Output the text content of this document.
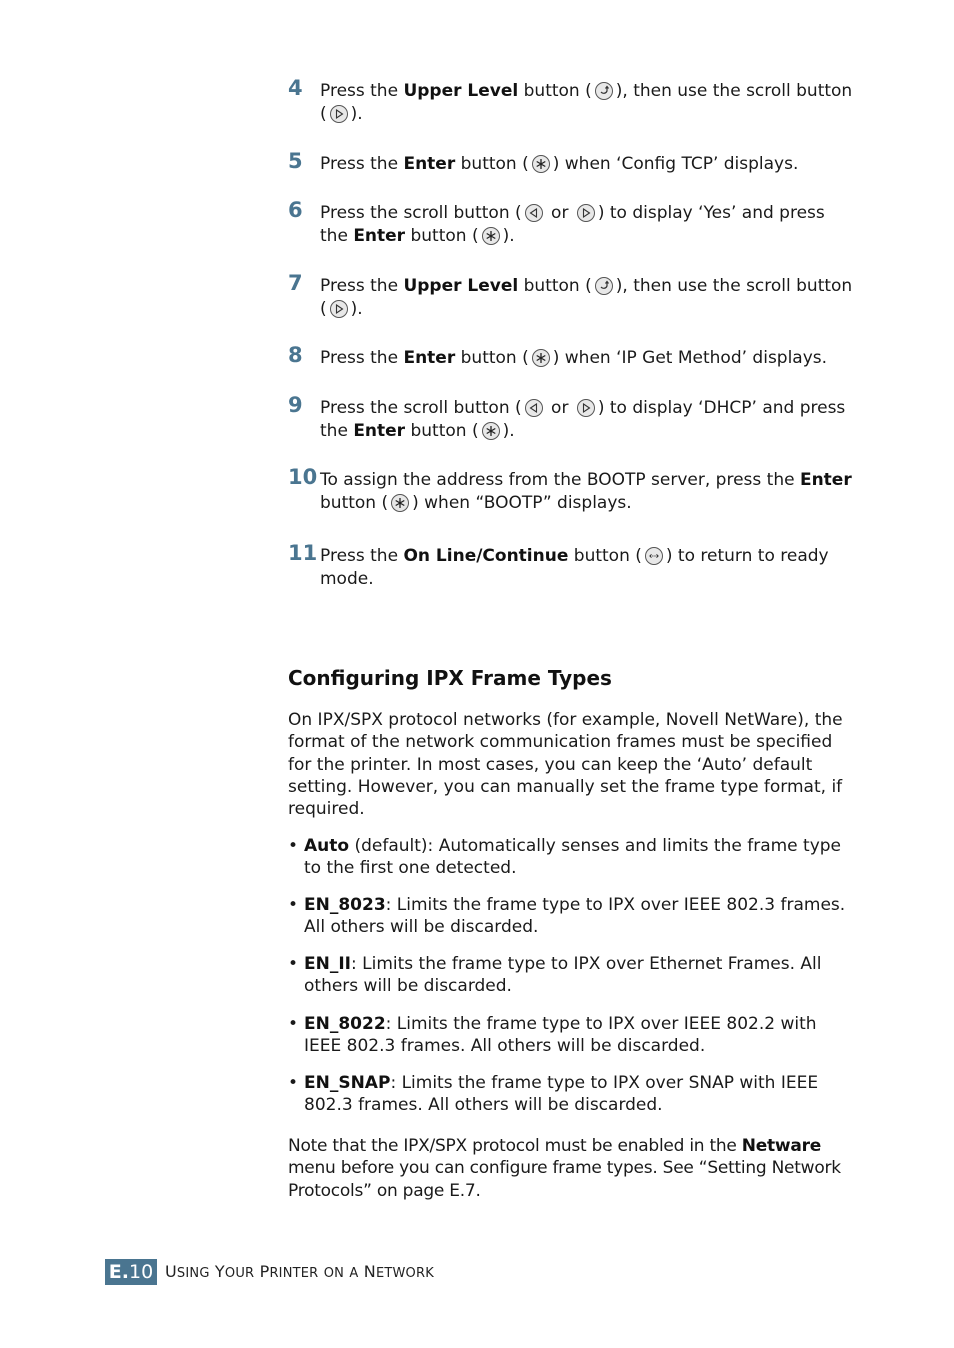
4 Press the Upper Level button ( ), then use the scroll button ( ).
5 Press the Enter button ( ) when ‘Config TCP’ displays.
6 Press the scroll button (
or
) to display ‘Yes’ and press the Enter button ( ).
7 Press the Upper Level button ( ), then use the scroll button ( ).
8 Press the Enter button ( ) when ‘IP Get Method’ displays.
9 Press the scroll button (
or
) to display ‘DHCP’ and press the Enter button ( ).
10 To assign the address from the BOOTP server, press the Enter button ( ) when “BOOTP” displays.
11 Press the On Line/Continue button ( ) to return to ready mode.
Configuring IPX Frame Types
On IPX/SPX protocol networks (for example, Novell NetWare), the format of the network communication frames must be specified for the printer. In most cases, you can keep the ‘Auto’ default setting. However, you can manually set the frame type format, if required.
• Auto (default): Automatically senses and limits the frame type to the first one detected.
• EN_8023: Limits the frame type to IPX over IEEE 802.3 frames. All others will be discarded.
• EN_II: Limits the frame type to IPX over Ethernet Frames. All others will be discarded.
• EN_8022: Limits the frame type to IPX over IEEE 802.2 with IEEE 802.3 frames. All others will be discarded.
• EN_SNAP: Limits the frame type to IPX over SNAP with IEEE 802.3 frames. All others will be discarded.
Note that the IPX/SPX protocol must be enabled in the Netware menu before you can configure frame types. See “Setting Network Protocols” on page E.7.
E.10 USING YOUR PRINTER ON A NETWORK
